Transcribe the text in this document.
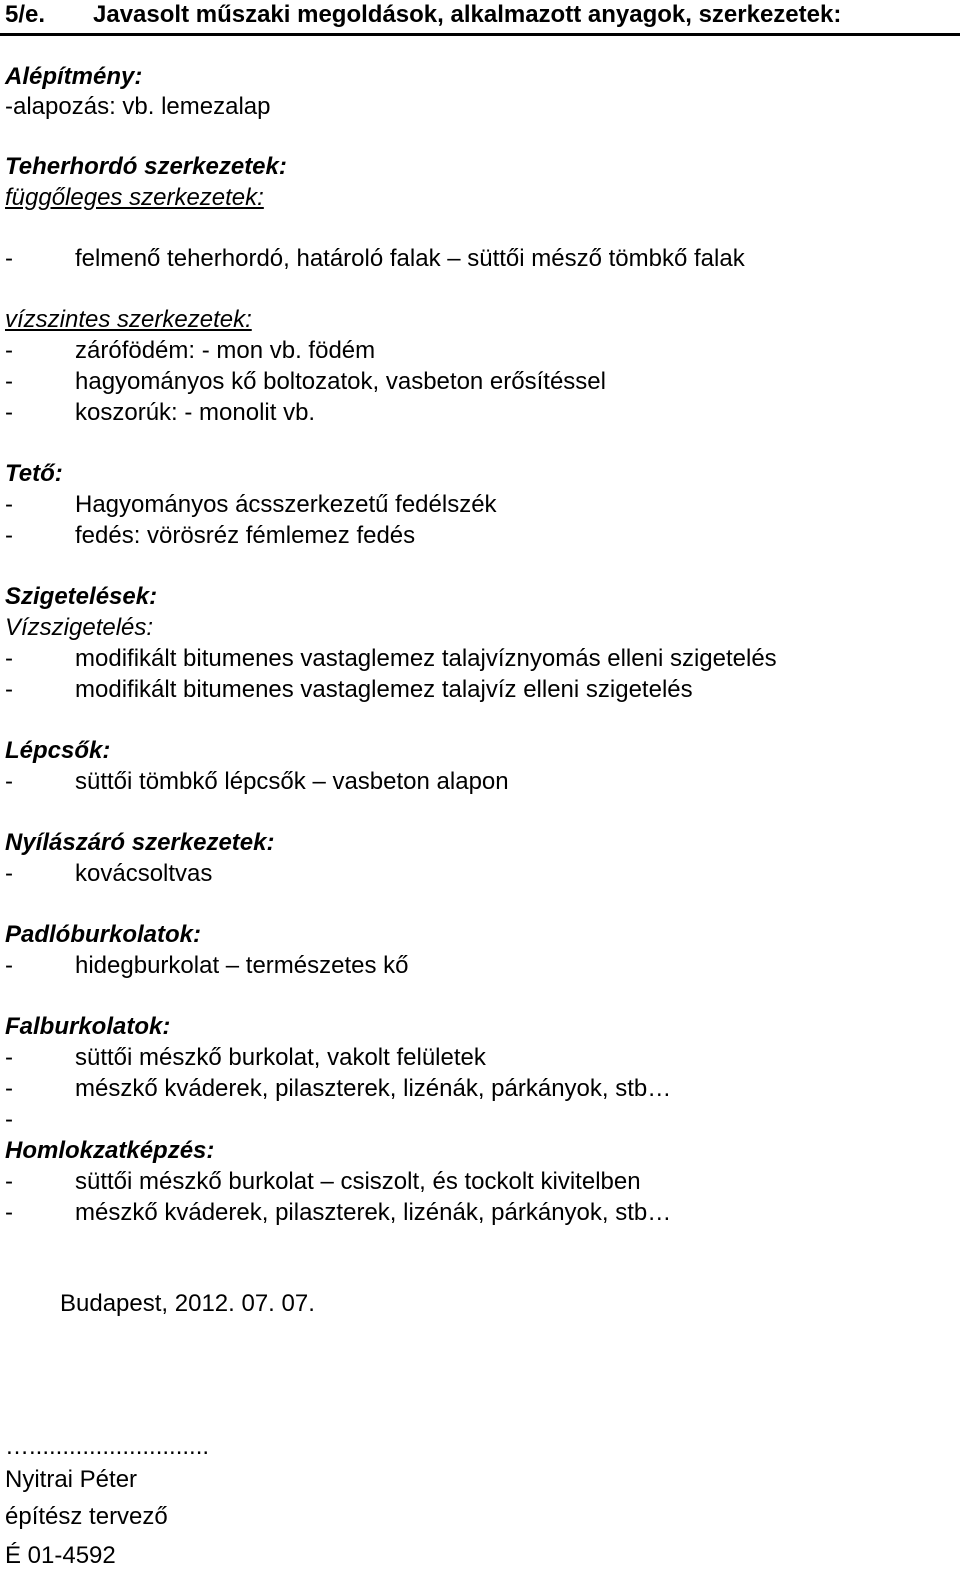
5/e. Javasolt műszaki megoldások, alkalmazott anyagok, szerkezetek:
Alépítmény:
-alapozás: vb. lemezalap
Teherhordó szerkezetek:
függőleges szerkezetek:
-	felmenő teherhordó, határoló falak – süttői mésző tömbkő falak
vízszintes szerkezetek:
-	zárófödém: - mon vb. födém
-	hagyományos kő boltozatok, vasbeton erősítéssel
-	koszorúk: - monolit vb.
Tető:
-	Hagyományos ácsszerkezetű fedélszék
-	fedés: vörösréz fémlemez fedés
Szigetelések:
Vízszigetelés:
-	modifikált bitumenes vastaglemez talajvíznyomás elleni szigetelés
-	modifikált bitumenes vastaglemez talajvíz elleni szigetelés
Lépcsők:
-	süttői tömbkő lépcsők – vasbeton alapon
Nyílászáró szerkezetek:
-	kovácsoltvas
Padlóburkolatok:
-	hidegburkolat – természetes kő
Falburkolatok:
-	süttői mészkő burkolat, vakolt felületek
-	mészkő kváderek, pilaszterek, lizénák, párkányok, stb…
-
Homlokzatképzés:
-	süttői mészkő burkolat – csiszolt, és tockolt kivitelben
-	mészkő kváderek, pilaszterek, lizénák, párkányok, stb…
Budapest, 2012. 07. 07.
…...........................
Nyitrai Péter
építész tervező
É 01-4592
